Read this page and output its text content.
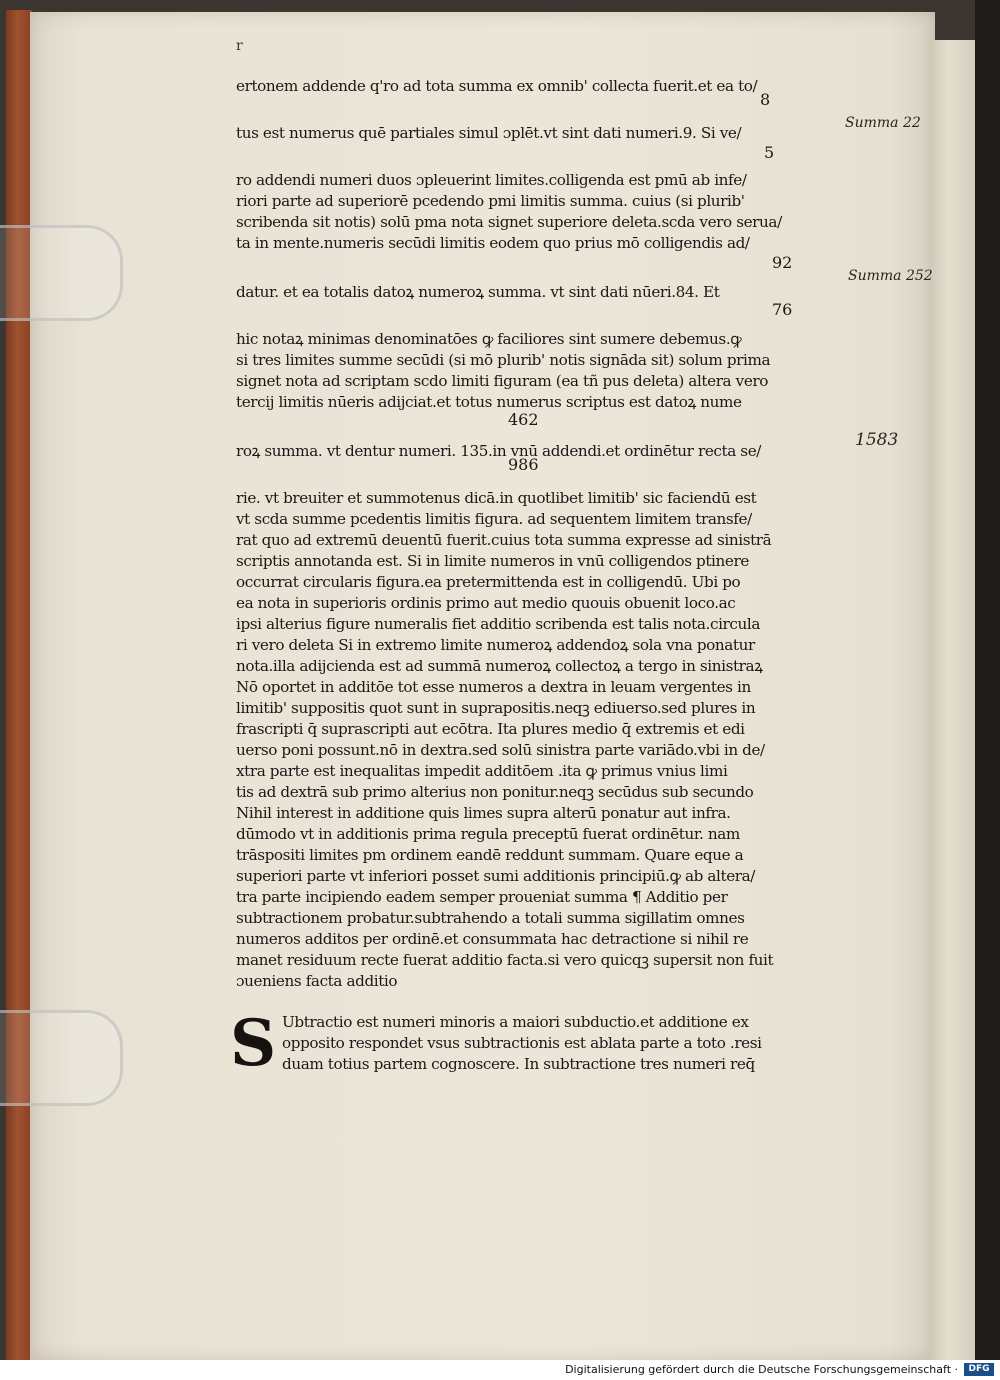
r
8
5
92
76
462
986
Summa 22
Summa 252
1583
ertonem addende q'ro ad tota summa ex omnib' collecta fuerit.et ea to/
tus est numerus quē partiales simul ɔplēt.vt sint dati numeri.9. Si ve/
ro addendi numeri duos ɔpleuerint limites.colligenda est pmū ab infe/
riori parte ad superiorē pcedendo pmi limitis summa. cuius (si plurib'
scribenda sit notis) solū pma nota signet superiore deleta.scda vero serua/
ta in mente.numeris secūdi limitis eodem quo prius mō colligendis ad/
datur. et ea totalis datoꝝ numeroꝝ summa. vt sint dati nūeri.84. Et
hic notaꝝ minimas denominatōes ꝙ faciliores sint sumere debemus.ꝙ
si tres limites summe secūdi (si mō plurib' notis signāda sit) solum prima
signet nota ad scriptam scdo limiti figuram (ea tñ pus deleta) altera vero
tercij limitis nūeris adijciat.et totus numerus scriptus est datoꝝ nume
roꝝ summa. vt dentur numeri. 135.in vnū addendi.et ordinētur recta se/
rie. vt breuiter et summotenus dicā.in quotlibet limitib' sic faciendū est
vt scda summe pcedentis limitis figura. ad sequentem limitem transfe/
rat quo ad extremū deuentū fuerit.cuius tota summa expresse ad sinistrā
scriptis annotanda est. Si in limite numeros in vnū colligendos ptinere
occurrat circularis figura.ea pretermittenda est in colligendū. Ubi po
ea nota in superioris ordinis primo aut medio quouis obuenit loco.ac
ipsi alterius figure numeralis fiet additio scribenda est talis nota.circula
ri vero deleta Si in extremo limite numeroꝝ addendoꝝ sola vna ponatur
nota.illa adijcienda est ad summā numeroꝝ collectoꝝ a tergo in sinistraꝝ
Nō oportet in additōe tot esse numeros a dextra in leuam vergentes in
limitib' suppositis quot sunt in suprapositis.neqꝫ ediuerso.sed plures in
frascripti q̄ suprascripti aut ecōtra. Ita plures medio q̄ extremis et edi
uerso poni possunt.nō in dextra.sed solū sinistra parte variādo.vbi in de/
xtra parte est inequalitas impedit additōem .ita ꝙ primus vnius limi
tis ad dextrā sub primo alterius non ponitur.neqꝫ secūdus sub secundo
Nihil interest in additione quis limes supra alterū ponatur aut infra.
dūmodo vt in additionis prima regula preceptū fuerat ordinētur. nam
trāspositi limites pm ordinem eandē reddunt summam. Quare eque a
superiori parte vt inferiori posset sumi additionis principiū.ꝙ ab altera/
tra parte incipiendo eadem semper proueniat summa ¶ Additio per
subtractionem probatur.subtrahendo a totali summa sigillatim omnes
numeros additos per ordinē.et consummata hac detractione si nihil re
manet residuum recte fuerat additio facta.si vero quicqꝫ supersit non fuit
ɔueniens facta additio
S Ubtractio est numeri minoris a maiori subductio.et additione ex
opposito respondet vsus subtractionis est ablata parte a toto .resi
duam totius partem cognoscere. In subtractione tres numeri req̄
Digitalisierung gefördert durch die Deutsche Forschungsgemeinschaft ·	DFG
